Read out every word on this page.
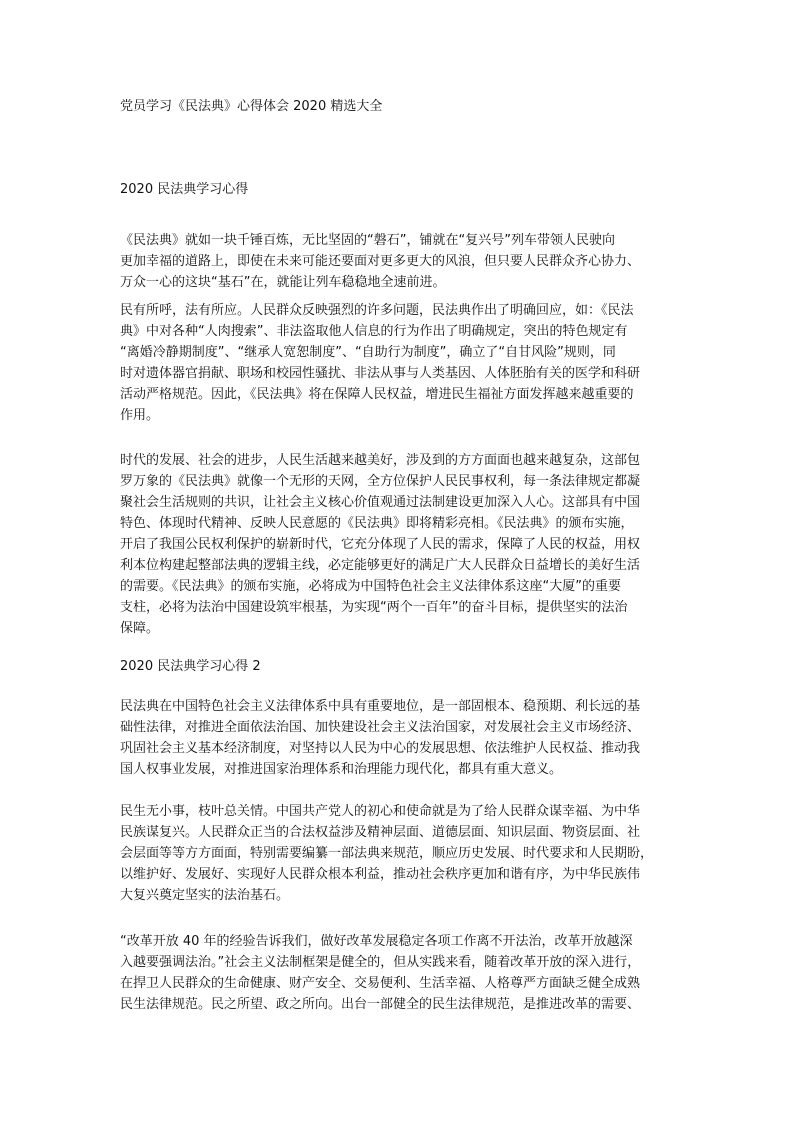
党员学习《民法典》心得体会 2020 精选大全
2020 民法典学习心得
《民法典》就如一块千锤百炼，无比坚固的“磐石”，铺就在“复兴号”列车带领人民驶向
更加幸福的道路上，即使在未来可能还要面对更多更大的风浪，但只要人民群众齐心协力、
万众一心的这块“基石”在，就能让列车稳稳地全速前进。
民有所呼，法有所应。人民群众反映强烈的许多问题，民法典作出了明确回应，如：《民法
典》中对各种“人肉搜索”、非法盗取他人信息的行为作出了明确规定，突出的特色规定有
“离婚冷静期制度”、“继承人宽恕制度”、“自助行为制度”，确立了“自甘风险”规则，同
时对遗体器官捐献、职场和校园性骚扰、非法从事与人类基因、人体胚胎有关的医学和科研
活动严格规范。因此，《民法典》将在保障人民权益，增进民生福祉方面发挥越来越重要的
作用。
时代的发展、社会的进步，人民生活越来越美好，涉及到的方方面面也越来越复杂，这部包
罗万象的《民法典》就像一个无形的天网，全方位保护人民民事权利，每一条法律规定都凝
聚社会生活规则的共识，让社会主义核心价值观通过法制建设更加深入人心。这部具有中国
特色、体现时代精神、反映人民意愿的《民法典》即将精彩亮相。《民法典》的颁布实施，
开启了我国公民权利保护的崭新时代，它充分体现了人民的需求，保障了人民的权益，用权
利本位构建起整部法典的逻辑主线，必定能够更好的满足广大人民群众日益增长的美好生活
的需要。《民法典》的颁布实施，必将成为中国特色社会主义法律体系这座“大厦”的重要
支柱，必将为法治中国建设筑牢根基，为实现“两个一百年”的奋斗目标，提供坚实的法治
保障。
2020 民法典学习心得 2
民法典在中国特色社会主义法律体系中具有重要地位，是一部固根本、稳预期、利长远的基
础性法律，对推进全面依法治国、加快建设社会主义法治国家，对发展社会主义市场经济、
巩固社会主义基本经济制度，对坚持以人民为中心的发展思想、依法维护人民权益、推动我
国人权事业发展，对推进国家治理体系和治理能力现代化，都具有重大意义。
民生无小事，枝叶总关情。中国共产党人的初心和使命就是为了给人民群众谋幸福、为中华
民族谋复兴。人民群众正当的合法权益涉及精神层面、道德层面、知识层面、物资层面、社
会层面等等方方面面，特别需要编纂一部法典来规范，顺应历史发展、时代要求和人民期盼，
以维护好、发展好、实现好人民群众根本利益，推动社会秩序更加和谐有序，为中华民族伟
大复兴奠定坚实的法治基石。
“改革开放 40 年的经验告诉我们，做好改革发展稳定各项工作离不开法治，改革开放越深
入越要强调法治。”社会主义法制框架是健全的，但从实践来看，随着改革开放的深入进行，
在捍卫人民群众的生命健康、财产安全、交易便利、生活幸福、人格尊严方面缺乏健全成熟
民生法律规范。民之所望、政之所向。出台一部健全的民生法律规范，是推进改革的需要、
